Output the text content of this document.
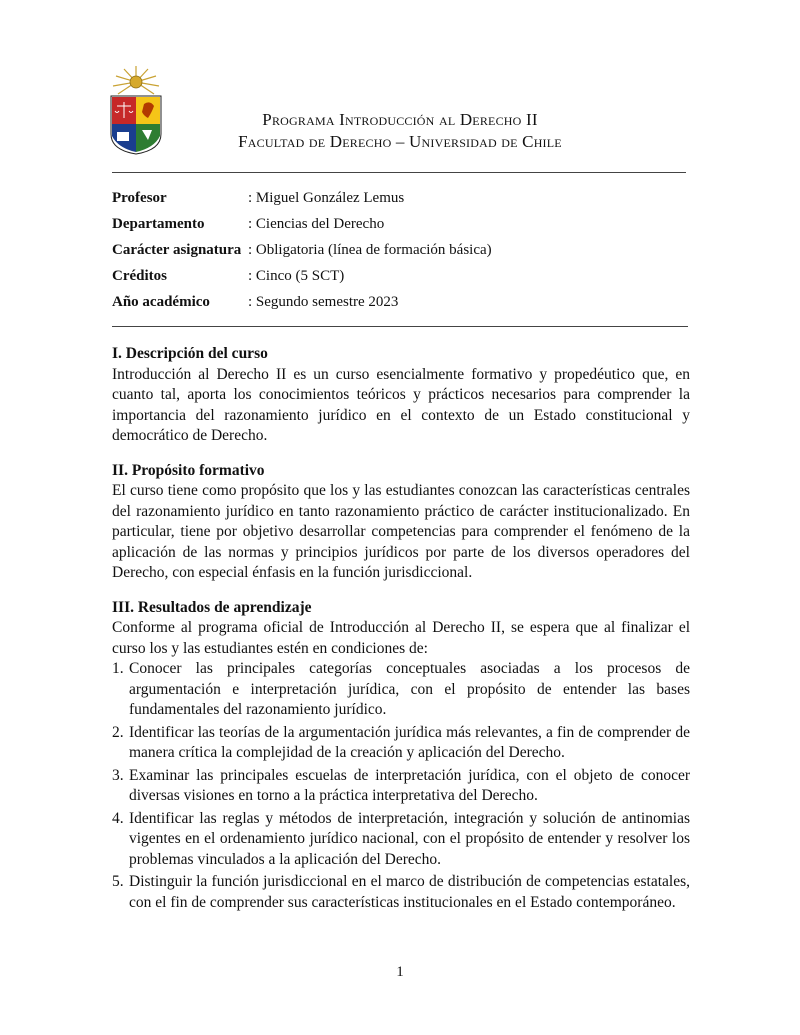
Programa Introducción al Derecho II
Facultad de Derecho – Universidad de Chile
Profesor	: Miguel González Lemus
Departamento	: Ciencias del Derecho
Carácter asignatura : Obligatoria (línea de formación básica)
Créditos	: Cinco (5 SCT)
Año académico	: Segundo semestre 2023

I. Descripción del curso

Introducción al Derecho II es un curso esencialmente formativo y propedéutico que, en cuanto tal, aporta los conocimientos teóricos y prácticos necesarios para comprender la importancia del razonamiento jurídico en el contexto de un Estado constitucional y democrático de Derecho.

II. Propósito formativo

El curso tiene como propósito que los y las estudiantes conozcan las características centrales del razonamiento jurídico en tanto razonamiento práctico de carácter institucionalizado. En particular, tiene por objetivo desarrollar competencias para comprender el fenómeno de la aplicación de las normas y principios jurídicos por parte de los diversos operadores del Derecho, con especial énfasis en la función jurisdiccional.

III. Resultados de aprendizaje

Conforme al programa oficial de Introducción al Derecho II, se espera que al finalizar el curso los y las estudiantes estén en condiciones de:

1. Conocer las principales categorías conceptuales asociadas a los procesos de argumentación e interpretación jurídica, con el propósito de entender las bases fundamentales del razonamiento jurídico.
2. Identificar las teorías de la argumentación jurídica más relevantes, a fin de comprender de manera crítica la complejidad de la creación y aplicación del Derecho.
3. Examinar las principales escuelas de interpretación jurídica, con el objeto de conocer diversas visiones en torno a la práctica interpretativa del Derecho.
4. Identificar las reglas y métodos de interpretación, integración y solución de antinomias vigentes en el ordenamiento jurídico nacional, con el propósito de entender y resolver los problemas vinculados a la aplicación del Derecho.
5. Distinguir la función jurisdiccional en el marco de distribución de competencias estatales, con el fin de comprender sus características institucionales en el Estado contemporáneo.
1
